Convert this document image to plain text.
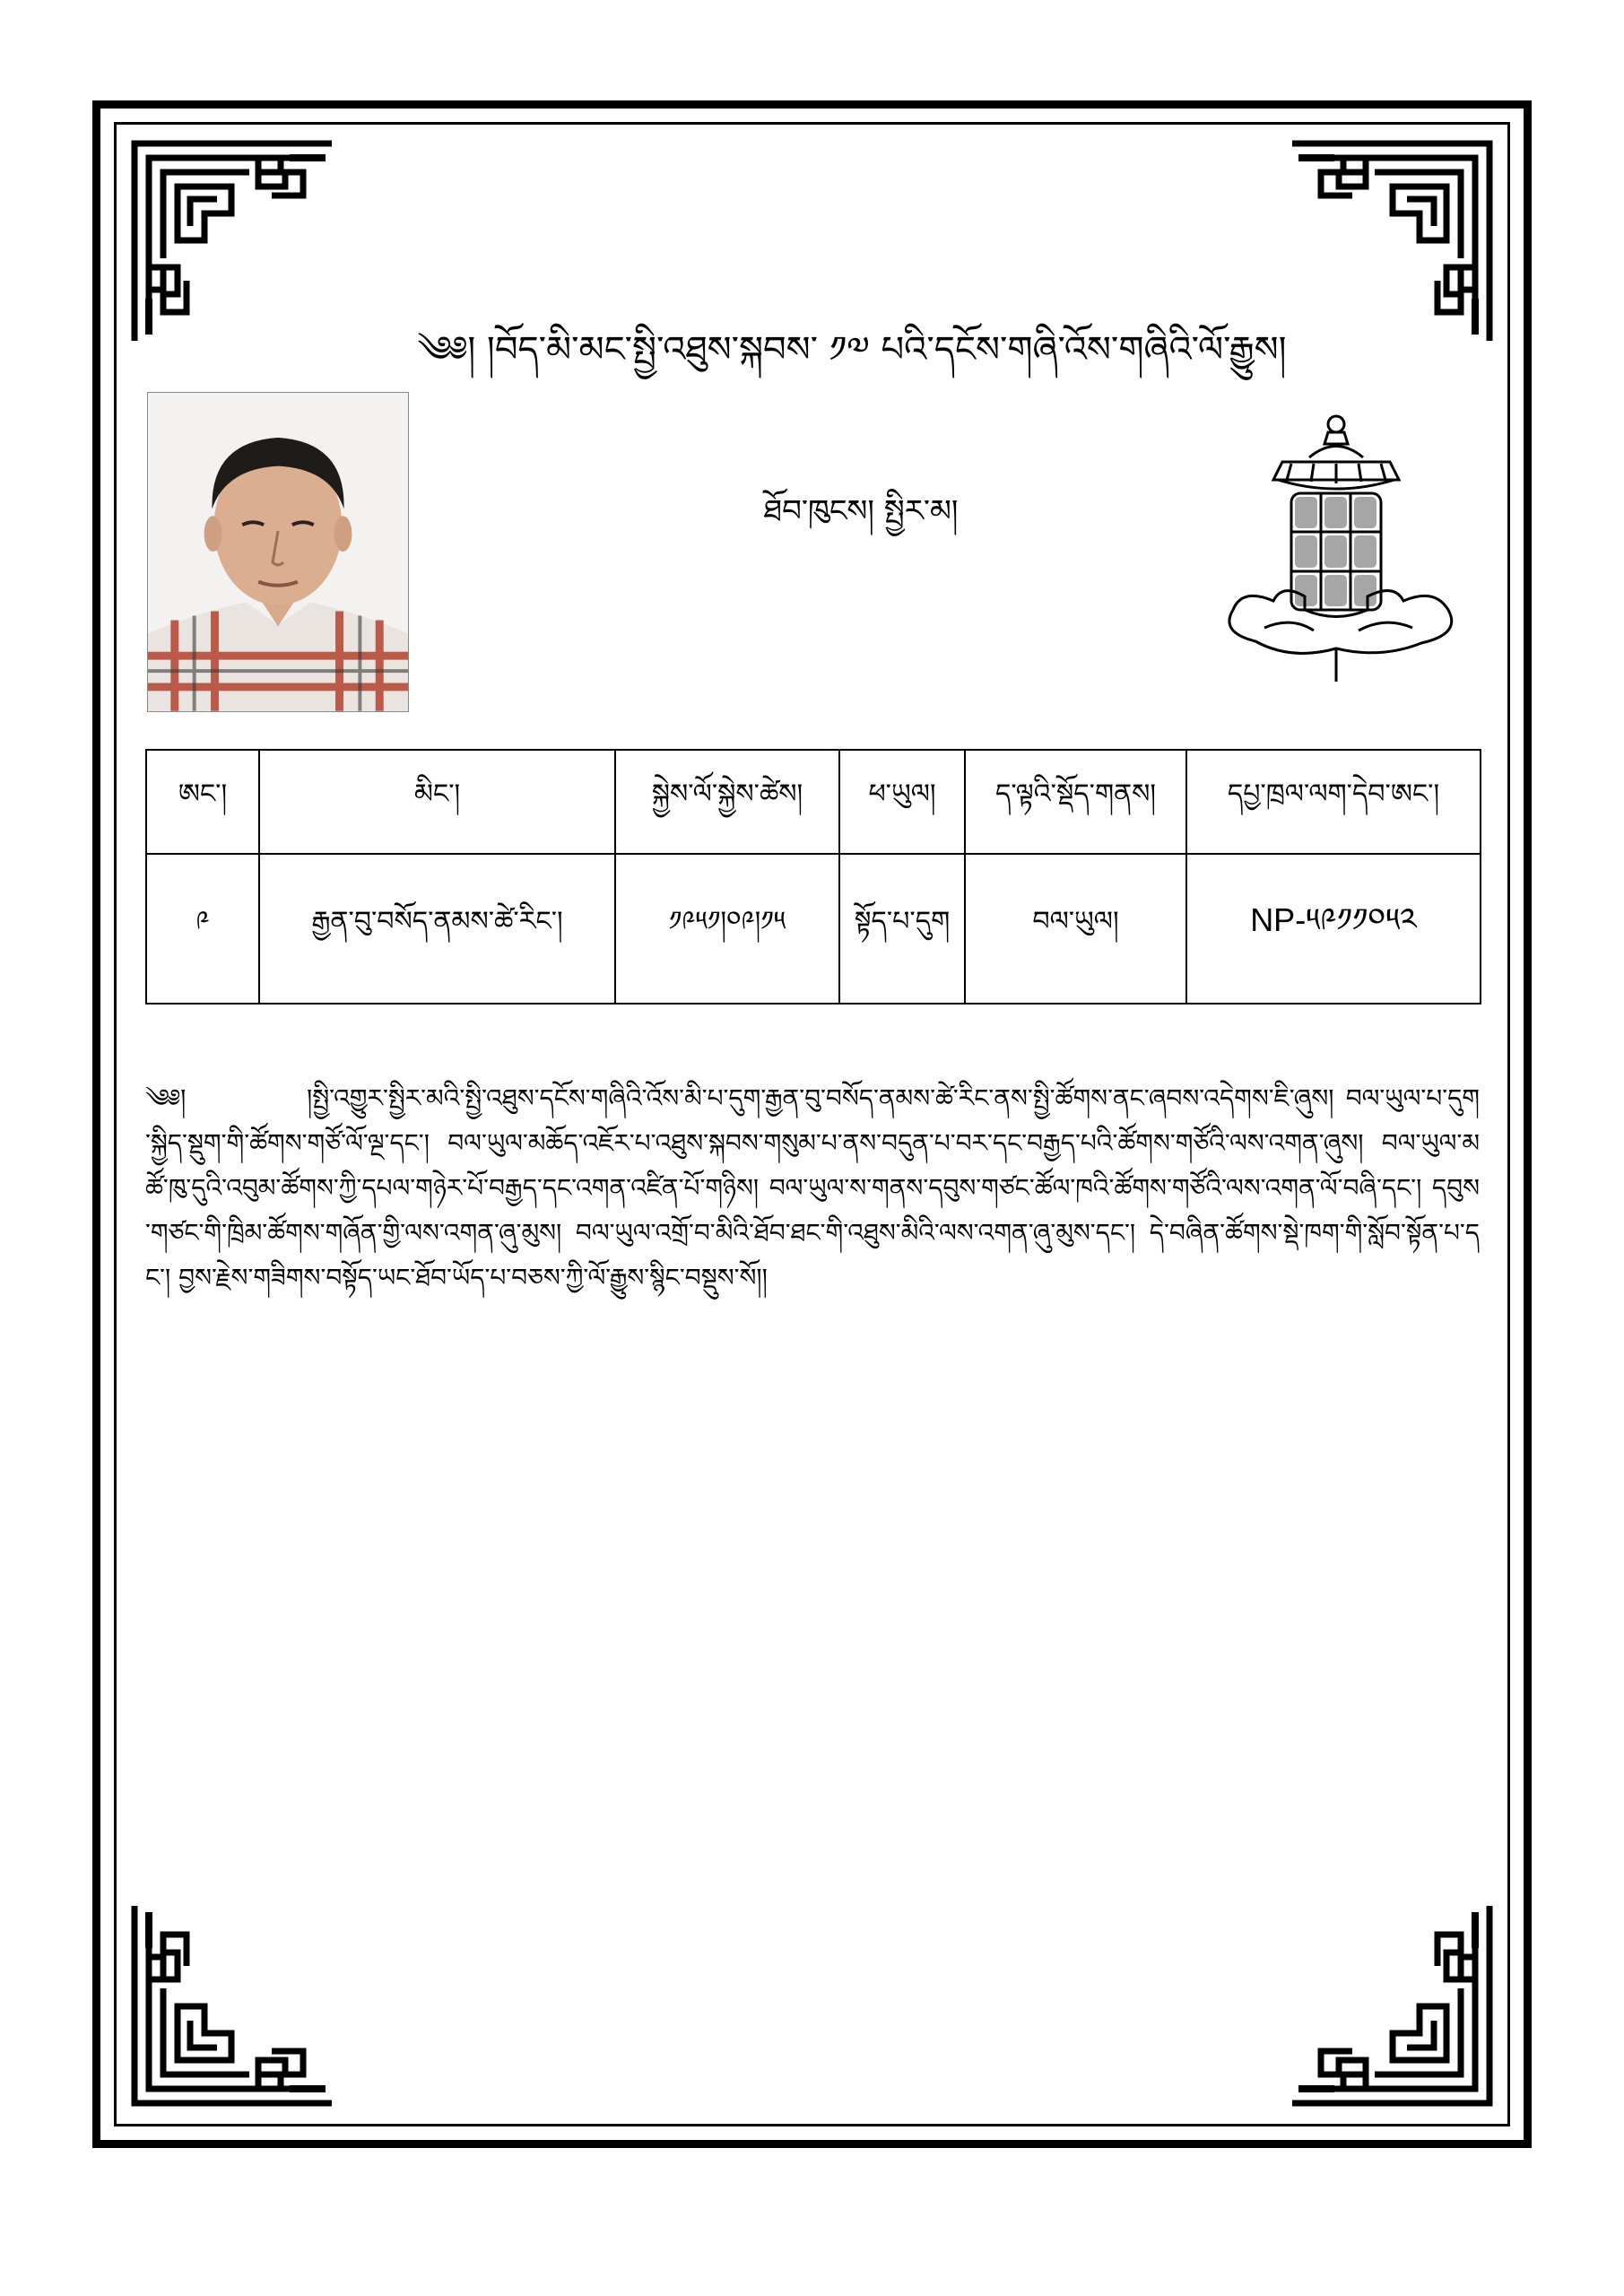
༄༅། །བོད་མི་མང་སྤྱི་འཐུས་སྐབས་ ༡༧ པའི་དངོས་གཞི་འོས་གཞིའི་ལོ་རྒྱུས།
ཐོབ་ཁུངས། སྤྱིར་མ།
ཨང་།	མིང་།	སྐྱེས་ལོ་སྐྱེས་ཚེས།	ཕ་ཡུལ།	ད་ལྟའི་སྡོད་གནས།	དཔྱ་ཁྲལ་ལག་དེབ་ཨང་།
༩	རྒྱན་བུ་བསོད་ནམས་ཚེ་རིང་།	༡༩༥༡།༠༩།༡༥	སྟོད་པ་དུག	བལ་ཡུལ།	NP-༥༩༡༡༠༥༢
༄༅།	།སྤྱི་འགྱུར་སྤྱིར་མའི་སྤྱི་འཐུས་དངོས་གཞིའི་འོས་མི་པ་དུག་རྒྱན་བུ་བསོད་ནམས་ཚེ་རིང་ནས་སྤྱི་ཚོགས་ནང་ཞབས་འདེགས་ཇི་ཞུས། བལ་ཡུལ་པ་དུག་སྐྱིད་སྡུག་གི་ཚོགས་གཙོ་ལོ་ལྔ་དང་། བལ་ཡུལ་མཆོད་འཇོར་པ་འཐུས་སྐབས་གསུམ་པ་ནས་བདུན་པ་བར་དང་བརྒྱད་པའི་ཚོགས་གཙོའི་ལས་འགན་ཞུས། བལ་ཡུལ་མཚོ་ཁུ་དུའི་འབུམ་ཚོགས་ཀྱི་དཔལ་གཉེར་པོ་བརྒྱད་དང་འགན་འཛིན་པོ་གཉིས། བལ་ཡུལ་ས་གནས་དབུས་གཙང་ཚོལ་ཁའི་ཚོགས་གཙོའི་ལས་འགན་ལོ་བཞི་དང་། དབུས་གཙང་གི་ཁྲིམ་ཚོགས་གཞོན་གྱི་ལས་འགན་ཞུ་མུས། བལ་ཡུལ་འགྲོ་བ་མིའི་ཐོབ་ཐང་གི་འཐུས་མིའི་ལས་འགན་ཞུ་མུས་དང་། དེ་བཞིན་ཚོགས་སྡེ་ཁག་གི་སློབ་སྟོན་པ་དང་། བྱས་རྗེས་གཟིགས་བསྟོད་ཡང་ཐོབ་ཡོད་པ་བཅས་ཀྱི་ལོ་རྒྱུས་སྙིང་བསྡུས་སོ།།
